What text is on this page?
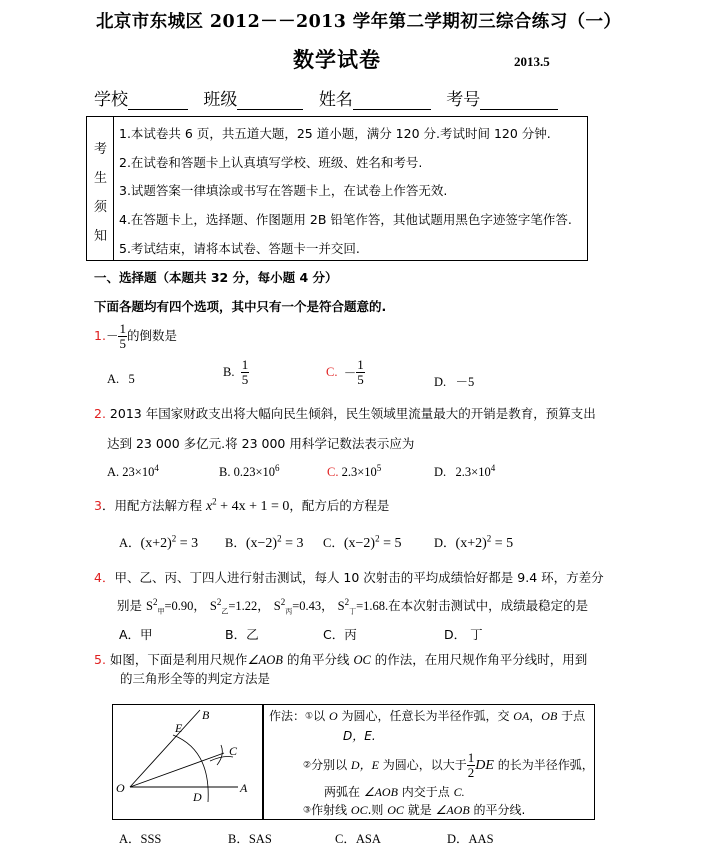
北京市东城区 2012－－2013 学年第二学期初三综合练习（一）
数学试卷	2013.5
学校	班级	姓名	考号
考
生
须
知
1.本试卷共 6 页，共五道大题，25 道小题，满分 120 分.考试时间 120 分钟.
2.在试卷和答题卡上认真填写学校、班级、姓名和考号.
3.试题答案一律填涂或书写在答题卡上，在试卷上作答无效.
4.在答题卡上，选择题、作图题用 2B 铅笔作答，其他试题用黑色字迹签字笔作答.
5.考试结束，请将本试卷、答题卡一并交回.
一、选择题（本题共 32 分，每小题 4 分）
下面各题均有四个选项，其中只有一个是符合题意的.
$1.- \frac{1}{5}$ 的倒数是
A. 5	B. $\frac{1}{5}$	C. － $\frac{1}{5}$	D. －5
2. 2013 年国家财政支出将大幅向民生倾斜，民生领域里流量最大的开销是教育，预算支出
达到 23 000 多亿元.将 23 000 用科学记数法表示应为
A. $23\times 10^4$	B. $0.23\times 10^6$	C. $2.3\times 10^5$	D. $2.3\times 10^4$
3．用配方法解方程 $x^2 + 4x + 1 = 0$，配方后的方程是
A．$(x+2)^2 = 3$ B．$(x-2)^2 = 3$ C．$(x-2)^2 = 5$	D．$(x+2)^2 = 5$
4．甲、乙、丙、丁四人进行射击测试，每人 10 次射击的平均成绩恰好都是 9.4 环，方差分
别是 $S^2_甲=0.90$， $S^2_乙=1.22$， $S^2_丙=0.43$， $S^2_丁=1.68$.在本次射击测试中，成绩最稳定的是
A．甲	B．乙	C．丙	D． 丁
5. 如图，下面是利用尺规作∠AOB 的角平分线 OC 的作法，在用尺规作角平分线时，用到
的三角形全等的判定方法是
O	A
B
C
D
E
作法：①以 O 为圆心，任意长为半径作弧，交 OA，OB 于点
D，E.
②分别以 D，E 为圆心，以大于 $\frac{1}{2}$ DE 的长为半径作弧，
两弧在 ∠AOB 内交于点 C.
③作射线 OC.则 OC 就是 ∠AOB 的平分线.
A．SSS	B．SAS	C．ASA	D．AAS
